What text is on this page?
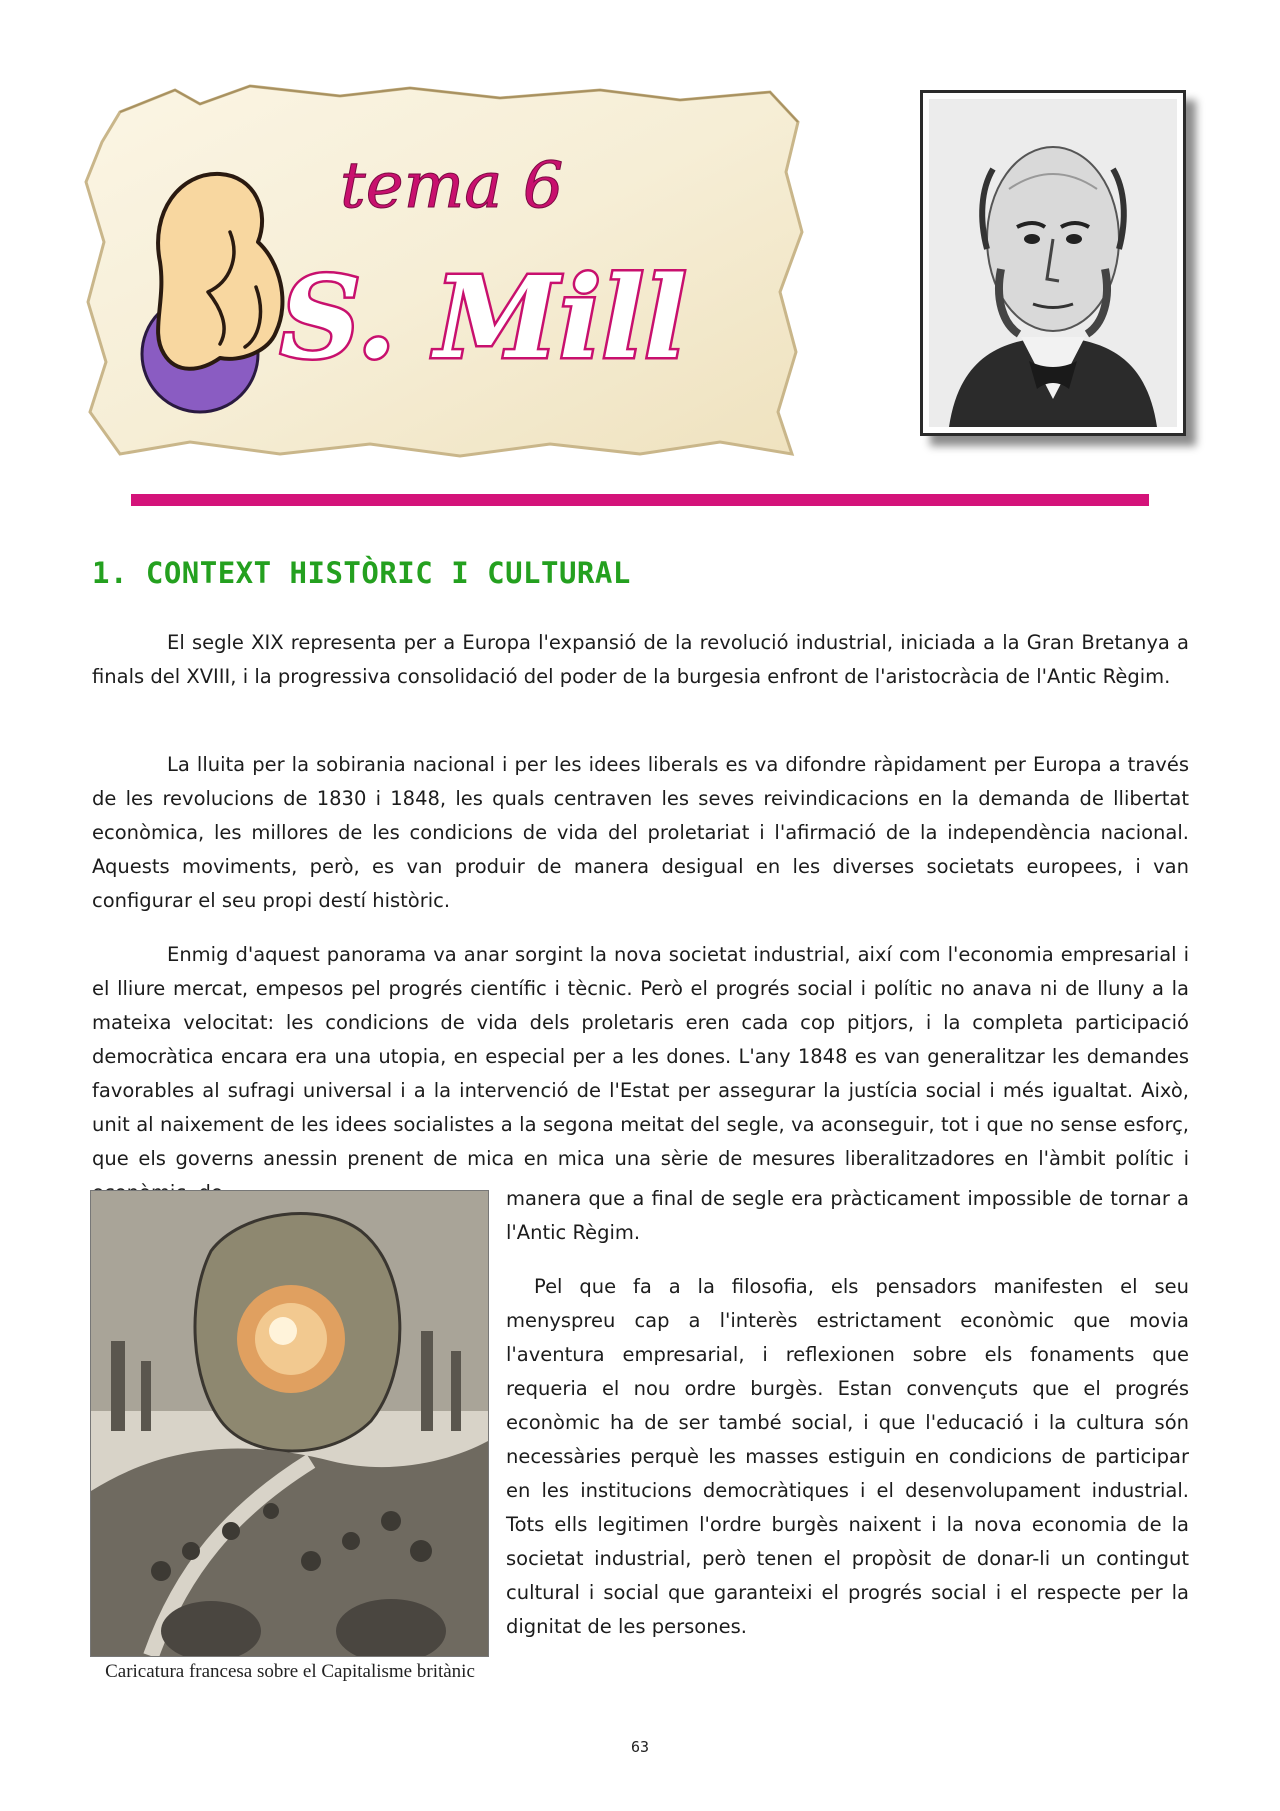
tema 6
S. Mill
1. CONTEXT HISTÒRIC I CULTURAL

El segle XIX representa per a Europa l'expansió de la revolució industrial, iniciada a la Gran Bretanya a finals del XVIII, i la progressiva consolidació del poder de la burgesia enfront de l'aristocràcia de l'Antic Règim.

La lluita per la sobirania nacional i per les idees liberals es va difondre ràpidament per Europa a través de les revolucions de 1830 i 1848, les quals centraven les seves reivindicacions en la demanda de llibertat econòmica, les millores de les condicions de vida del proletariat i l'afirmació de la independència nacional. Aquests moviments, però, es van produir de manera desigual en les diverses societats europees, i van configurar el seu propi destí històric.

Enmig d'aquest panorama va anar sorgint la nova societat industrial, així com l'economia empresarial i el lliure mercat, empesos pel progrés científic i tècnic. Però el progrés social i polític no anava ni de lluny a la mateixa velocitat: les condicions de vida dels proletaris eren cada cop pitjors, i la completa participació democràtica encara era una utopia, en especial per a les dones. L'any 1848 es van generalitzar les demandes favorables al sufragi universal i a la intervenció de l'Estat per assegurar la justícia social i més igualtat. Això, unit al naixement de les idees socialistes a la segona meitat del segle, va aconseguir, tot i que no sense esforç, que els governs anessin prenent de mica en mica una sèrie de mesures liberalitzadores en l'àmbit polític i

Caricatura francesa sobre el Capitalisme britànic

manera que a final de segle era pràcticament impossible de tornar a l'Antic Règim.

Pel que fa a la filosofia, els pensadors manifesten el seu menyspreu cap a l'interès estrictament econòmic que movia l'aventura empresarial, i reflexionen sobre els fonaments que requeria el nou ordre burgès. Estan convençuts que el progrés econòmic ha de ser també social, i que l'educació i la cultura són necessàries perquè les masses estiguin en condicions de participar en les institucions democràtiques i el desenvolupament industrial. Tots ells legitimen l'ordre burgès naixent i la nova economia de la societat industrial, però tenen el propòsit de donar-li un contingut cultural i social que garanteixi el progrés social i el respecte per la dignitat de les persones.

63
